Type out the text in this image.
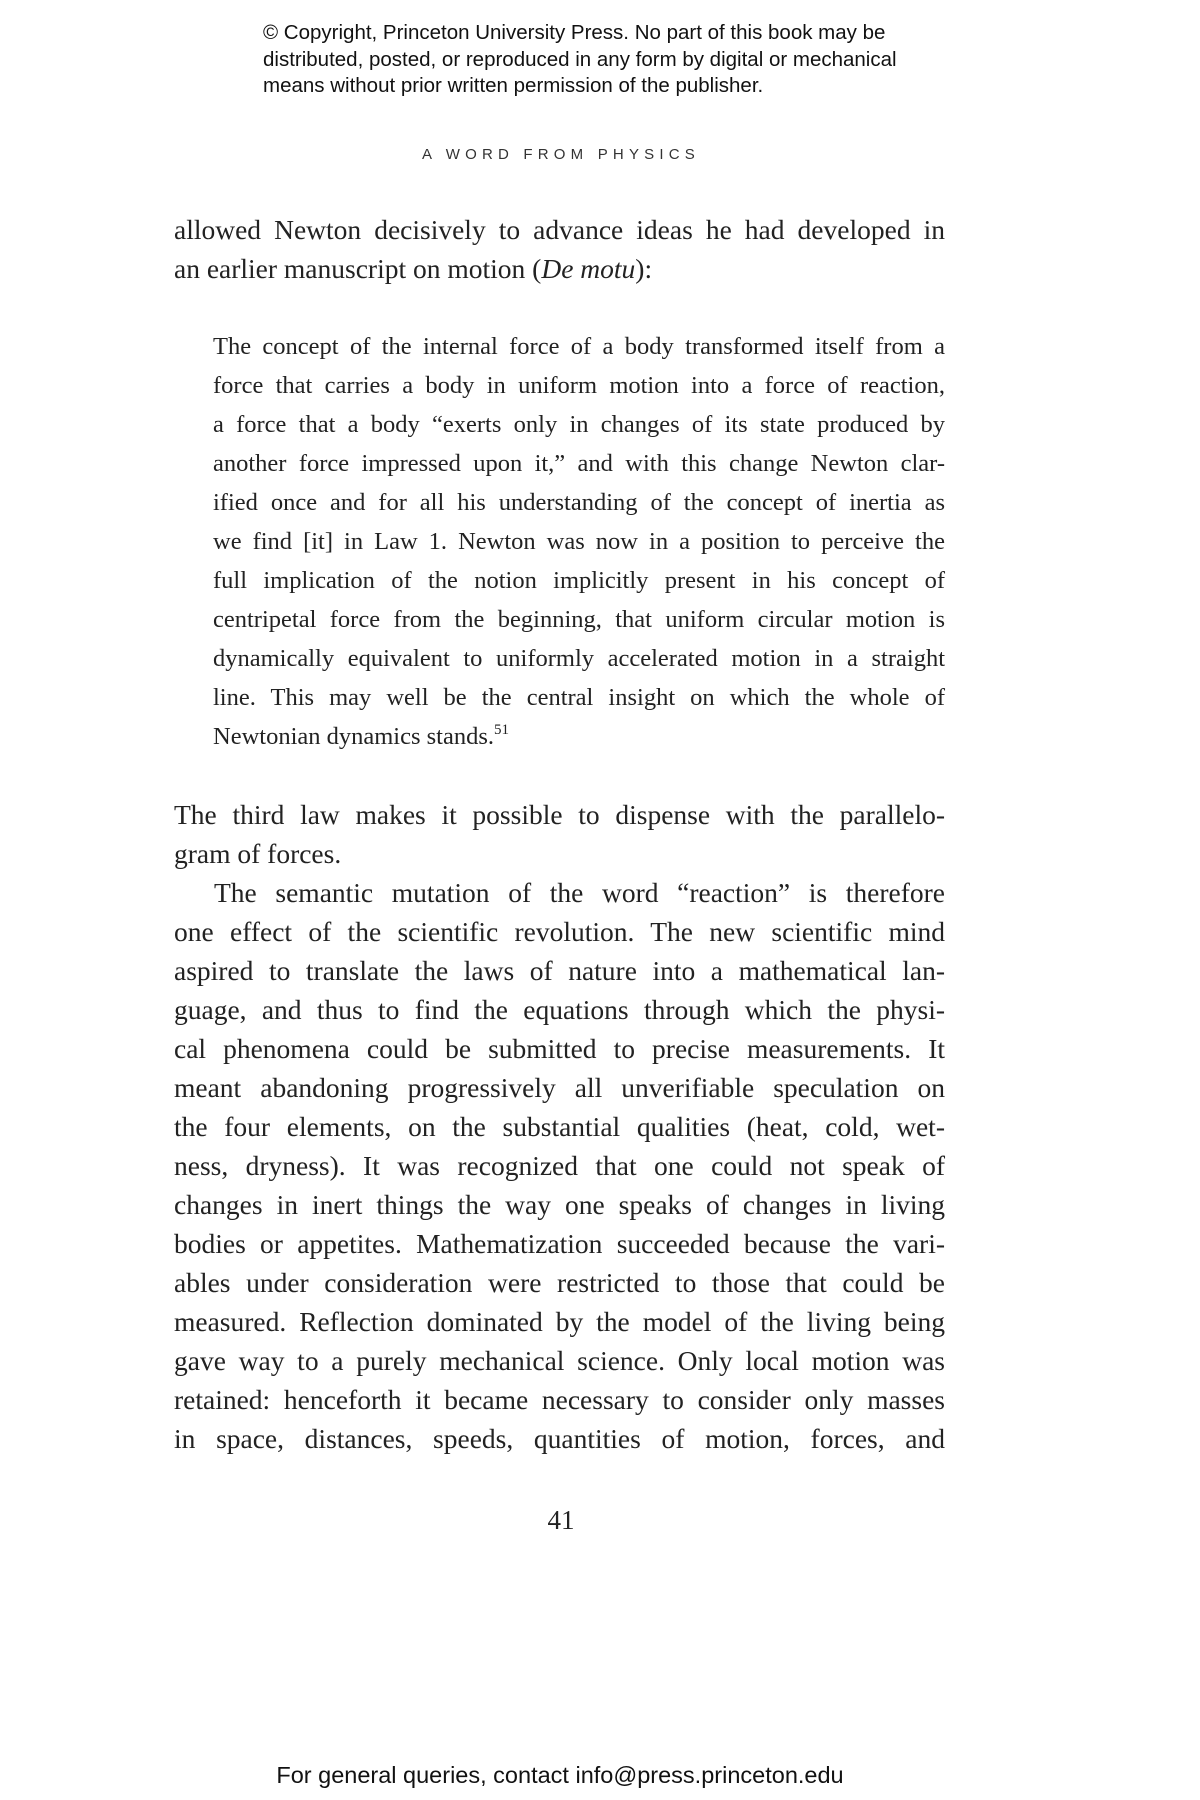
© Copyright, Princeton University Press. No part of this book may be
distributed, posted, or reproduced in any form by digital or mechanical
means without prior written permission of the publisher.
A WORD FROM PHYSICS
allowed Newton decisively to advance ideas he had developed in
an earlier manuscript on motion (De motu):
The concept of the internal force of a body transformed itself from a
force that carries a body in uniform motion into a force of reaction,
a force that a body “exerts only in changes of its state produced by
another force impressed upon it,” and with this change Newton clar-
ified once and for all his understanding of the concept of inertia as
we find [it] in Law 1. Newton was now in a position to perceive the
full implication of the notion implicitly present in his concept of
centripetal force from the beginning, that uniform circular motion is
dynamically equivalent to uniformly accelerated motion in a straight
line. This may well be the central insight on which the whole of
Newtonian dynamics stands.$^{51}$
The third law makes it possible to dispense with the parallelo-
gram of forces.
The semantic mutation of the word “reaction” is therefore
one effect of the scientific revolution. The new scientific mind
aspired to translate the laws of nature into a mathematical lan-
guage, and thus to find the equations through which the physi-
cal phenomena could be submitted to precise measurements. It
meant abandoning progressively all unverifiable speculation on
the four elements, on the substantial qualities (heat, cold, wet-
ness, dryness). It was recognized that one could not speak of
changes in inert things the way one speaks of changes in living
bodies or appetites. Mathematization succeeded because the vari-
ables under consideration were restricted to those that could be
measured. Reflection dominated by the model of the living being
gave way to a purely mechanical science. Only local motion was
retained: henceforth it became necessary to consider only masses
in space, distances, speeds, quantities of motion, forces, and
41
For general queries, contact info@press.princeton.edu
